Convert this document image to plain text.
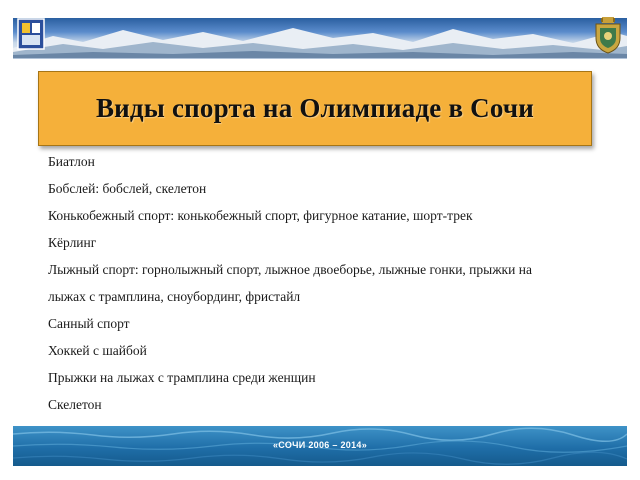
Виды спорта на Олимпиаде в Сочи
Биатлон
Бобслей: бобслей, скелетон
Конькобежный спорт: конькобежный спорт, фигурное катание, шорт-трек
Кёрлинг
Лыжный спорт: горнолыжный спорт, лыжное двоеборье, лыжные гонки, прыжки на
лыжах с трамплина, сноубординг, фристайл
Санный спорт
Хоккей с шайбой
Прыжки на лыжах с трамплина среди женщин
Скелетон
«СОЧИ 2006 – 2014»
